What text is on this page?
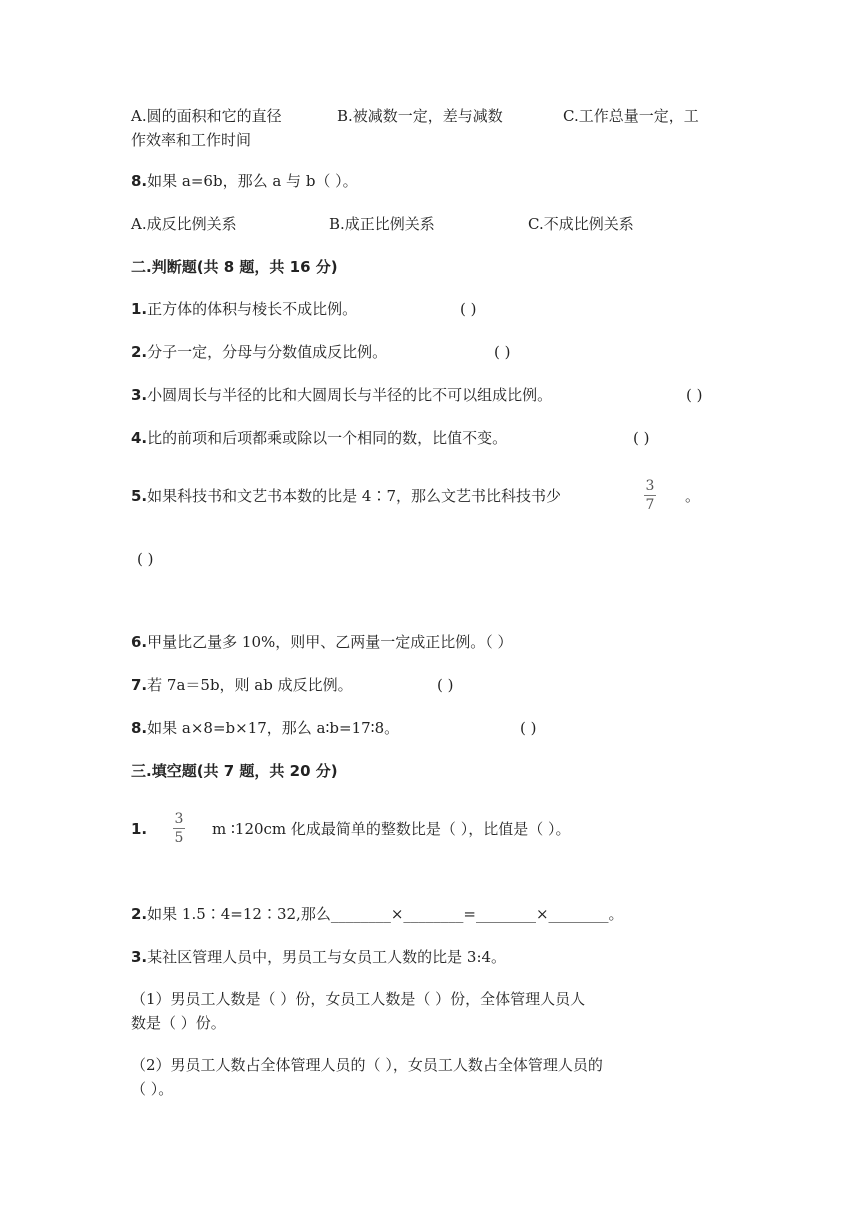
A.圆的面积和它的直径	B.被减数一定，差与减数	C.工作总量一定，工
作效率和工作时间
8.如果 a=6b，那么 a 与 b（ ）。
A.成反比例关系	B.成正比例关系	C.不成比例关系
二.判断题(共 8 题，共 16 分)
1.正方体的体积与棱长不成比例。	( )
2.分子一定，分母与分数值成反比例。	( )
3.小圆周长与半径的比和大圆周长与半径的比不可以组成比例。	( )
4.比的前项和后项都乘或除以一个相同的数，比值不变。	( )
5.如果科技书和文艺书本数的比是 4∶7，那么文艺书比科技书少
3
7 。
( )
6.甲量比乙量多 10%，则甲、乙两量一定成正比例。（ ）
7.若 7a＝5b，则 ab 成反比例。	( )
8.如果 a×8=b×17，那么 a∶b=17∶8。	( )
三.填空题(共 7 题，共 20 分)
1.
3
5 m ∶120cm 化成最简单的整数比是（ ），比值是（ ）。
2.如果 1.5∶4=12∶32,那么________×________=________×________。
3.某社区管理人员中，男员工与女员工人数的比是 3:4。
（1）男员工人数是（ ）份，女员工人数是（ ）份，全体管理人员人
数是（ ）份。
（2）男员工人数占全体管理人员的（ ），女员工人数占全体管理人员的
（ ）。
